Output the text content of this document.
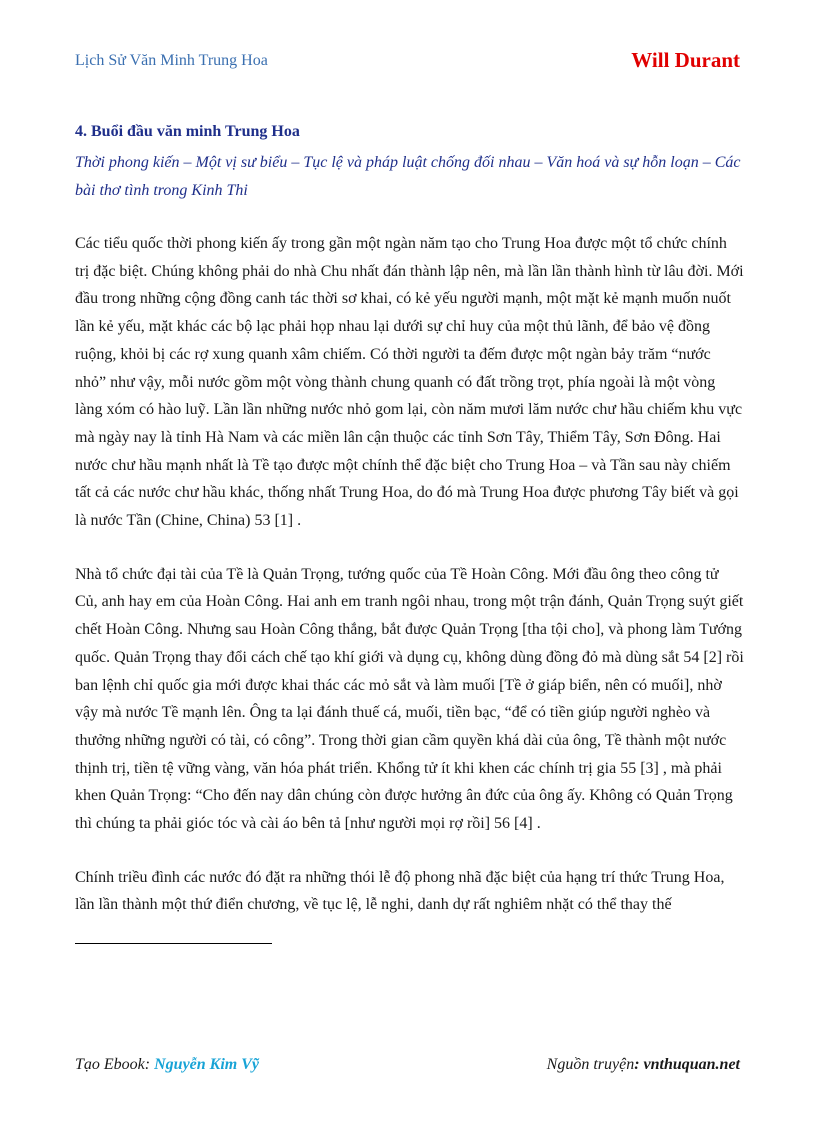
Lịch Sử Văn Minh Trung Hoa	Will Durant
4. Buổi đầu văn minh Trung Hoa
Thời phong kiến – Một vị sư biểu – Tục lệ và pháp luật chống đối nhau – Văn hoá và sự hỗn loạn – Các bài thơ tình trong Kinh Thi

Các tiểu quốc thời phong kiến ấy trong gần một ngàn năm tạo cho Trung Hoa được một tổ chức chính trị đặc biệt. Chúng không phải do nhà Chu nhất đán thành lập nên, mà lần lần thành hình từ lâu đời. Mới đầu trong những cộng đồng canh tác thời sơ khai, có kẻ yếu người mạnh, một mặt kẻ mạnh muốn nuốt lần kẻ yếu, mặt khác các bộ lạc phải họp nhau lại dưới sự chỉ huy của một thủ lãnh, để bảo vệ đồng ruộng, khỏi bị các rợ xung quanh xâm chiếm. Có thời người ta đếm được một ngàn bảy trăm “nước nhỏ” như vậy, mỗi nước gồm một vòng thành chung quanh có đất trồng trọt, phía ngoài là một vòng làng xóm có hào luỹ. Lần lần những nước nhỏ gom lại, còn năm mươi lăm nước chư hầu chiếm khu vực mà ngày nay là tỉnh Hà Nam và các miền lân cận thuộc các tỉnh Sơn Tây, Thiểm Tây, Sơn Đông. Hai nước chư hầu mạnh nhất là Tề tạo được một chính thể đặc biệt cho Trung Hoa – và Tần sau này chiếm tất cả các nước chư hầu khác, thống nhất Trung Hoa, do đó mà Trung Hoa được phương Tây biết và gọi là nước Tần (Chine, China) 53 [1] .

Nhà tổ chức đại tài của Tề là Quản Trọng, tướng quốc của Tề Hoàn Công. Mới đầu ông theo công tử Củ, anh hay em của Hoàn Công. Hai anh em tranh ngôi nhau, trong một trận đánh, Quản Trọng suýt giết chết Hoàn Công. Nhưng sau Hoàn Công thắng, bắt được Quản Trọng [tha tội cho], và phong làm Tướng quốc. Quản Trọng thay đổi cách chế tạo khí giới và dụng cụ, không dùng đồng đỏ mà dùng sắt 54 [2] rồi ban lệnh chỉ quốc gia mới được khai thác các mỏ sắt và làm muối [Tề ở giáp biển, nên có muối], nhờ vậy mà nước Tề mạnh lên. Ông ta lại đánh thuế cá, muối, tiền bạc, “để có tiền giúp người nghèo và thưởng những người có tài, có công”. Trong thời gian cầm quyền khá dài của ông, Tề thành một nước thịnh trị, tiền tệ vững vàng, văn hóa phát triển. Khổng tử ít khi khen các chính trị gia 55 [3] , mà phải khen Quản Trọng: “Cho đến nay dân chúng còn được hưởng ân đức của ông ấy. Không có Quản Trọng thì chúng ta phải gióc tóc và cài áo bên tả [như người mọi rợ rồi] 56 [4] .

Chính triều đình các nước đó đặt ra những thói lễ độ phong nhã đặc biệt của hạng trí thức Trung Hoa, lần lần thành một thứ điển chương, về tục lệ, lễ nghi, danh dự rất nghiêm nhặt có thể thay thế

Tạo Ebook: Nguyễn Kim Vỹ	Nguồn truyện: vnthuquan.net
